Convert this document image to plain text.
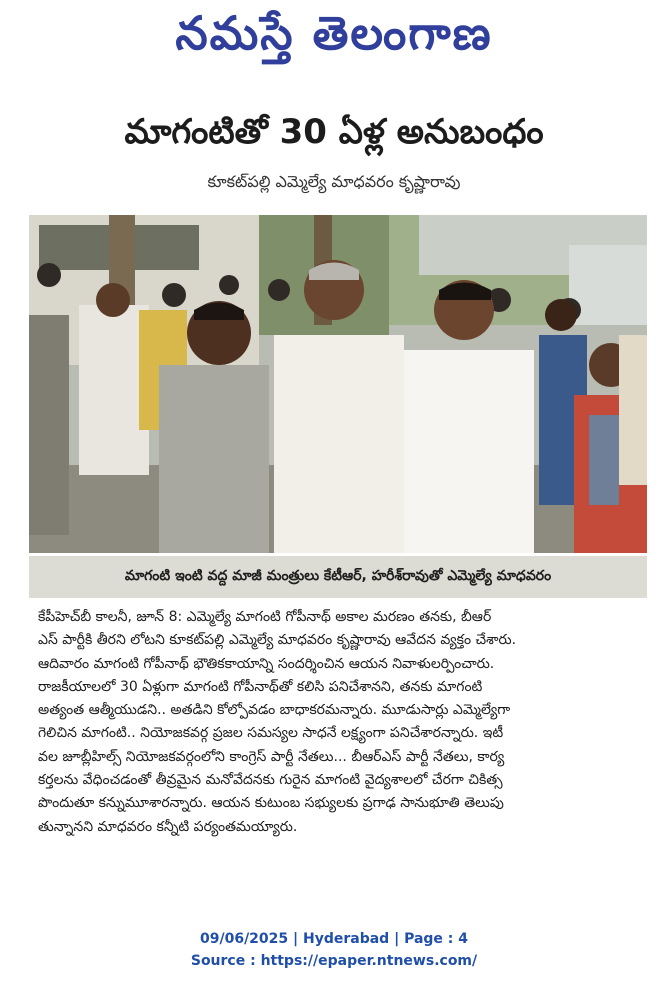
నమస్తే తెలంగాణ
మాగంటితో 30 ఏళ్ల అనుబంధం
కూకట్‌పల్లి ఎమ్మెల్యే మాధవరం కృష్ణారావు
మాగంటి ఇంటి వద్ద మాజీ మంత్రులు కేటీఆర్, హరీశ్‌రావుతో ఎమ్మెల్యే మాధవరం
కేపీహెచ్‌బీ కాలనీ, జూన్ 8: ఎమ్మెల్యే మాగంటి గోపీనాథ్ అకాల మరణం తనకు, బీఆర్
ఎస్ పార్టీకి తీరని లోటని కూకట్‌పల్లి ఎమ్మెల్యే మాధవరం కృష్ణారావు ఆవేదన వ్యక్తం చేశారు.
ఆదివారం మాగంటి గోపీనాథ్ భౌతికకాయాన్ని సందర్శించిన ఆయన నివాళులర్పించారు.
రాజకీయాలలో 30 ఏళ్లుగా మాగంటి గోపీనాథ్‌తో కలిసి పనిచేశానని, తనకు మాగంటి
అత్యంత ఆత్మీయుడని.. అతడిని కోల్పోవడం బాధాకరమన్నారు. మూడుసార్లు ఎమ్మెల్యేగా
గెలిచిన మాగంటి.. నియోజకవర్గ ప్రజల సమస్యల సాధనే లక్ష్యంగా పనిచేశారన్నారు. ఇటీ
వల జూబ్లీహిల్స్ నియోజకవర్గంలోని కాంగ్రెస్ పార్టీ నేతలు... బీఆర్‌ఎస్ పార్టీ నేతలు, కార్య
కర్తలను వేధించడంతో తీవ్రమైన మనోవేదనకు గురైన మాగంటి వైద్యశాలలో చేరగా చికిత్స
పొందుతూ కన్నుమూశారన్నారు. ఆయన కుటుంబ సభ్యులకు ప్రగాఢ సానుభూతి తెలుపు
తున్నానని మాధవరం కన్నీటి పర్యంతమయ్యారు.
09/06/2025 | Hyderabad | Page : 4
Source : https://epaper.ntnews.com/
